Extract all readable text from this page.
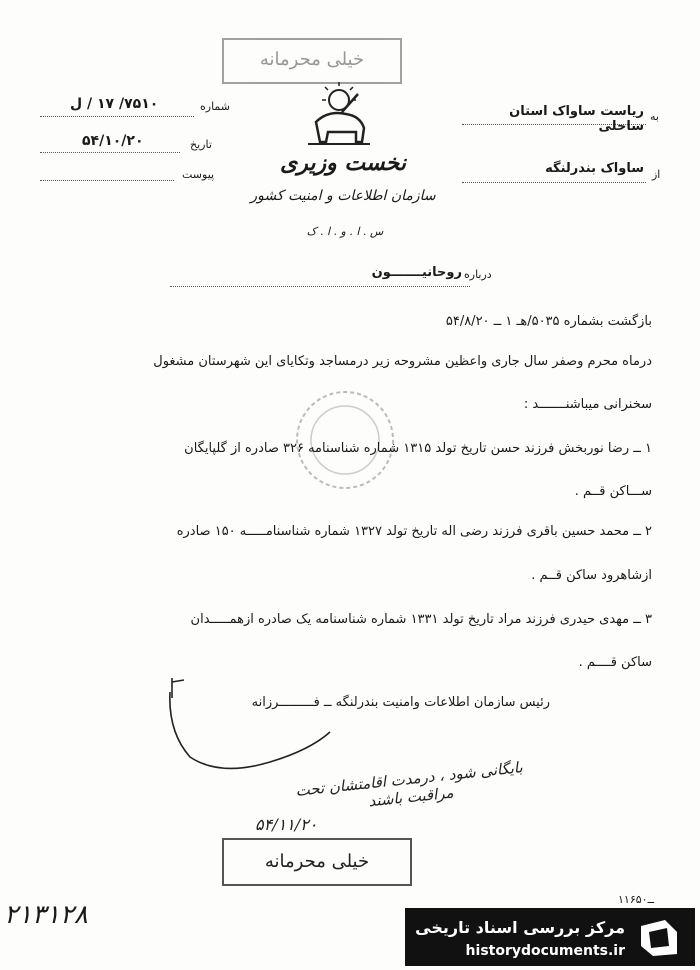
خیلی محرمانه
نخست وزیری
سازمان اطلاعات و امنیت کشور
س . ا . و . ا . ک
شماره
۷۵۱۰/ ۱۷ / ل
تاریخ
۵۴/۱۰/۲۰
پیوست
به
ریاست ساواک استان ساحلی
از
ساواک بندرلنگه
درباره
روحانیـــــــون
بازگشت بشماره ۵۰۳۵/هـ ۱ ــ ۵۴/۸/۲۰
درماه محرم وصفر سال جاری واعظین مشروحه زیر درمساجد وتکایای این شهرستان مشغول
سخنرانی میباشنـــــــد :
۱ ــ رضا نوربخش فرزند حسن تاریخ تولد ۱۳۱۵ شماره شناسنامه ۳۲۶ صادره از گلپایگان
ســـاکن قــم .
۲ ــ محمد حسین باقری فرزند رضی اله تاریخ تولد ۱۳۲۷ شماره شناسنامـــــه ۱۵۰ صادره
ازشاهرود ساکن قــم .
۳ ــ مهدی حیدری فرزند مراد تاریخ تولد ۱۳۳۱ شماره شناسنامه یک صادره ازهمـــــدان
ساکن قــــم .
رئیس سازمان اطلاعات وامنیت بندرلنگه ــ فـــــــــرزانه
بایگانی شود ، درمدت اقامتشان تحت مراقبت باشند
۵۴/۱۱/۲۰
خیلی محرمانه
۲۱۳۱۲۸
۱۱۶ــ۵۰
مرکز بررسی اسناد تاریخی
historydocuments.ir
